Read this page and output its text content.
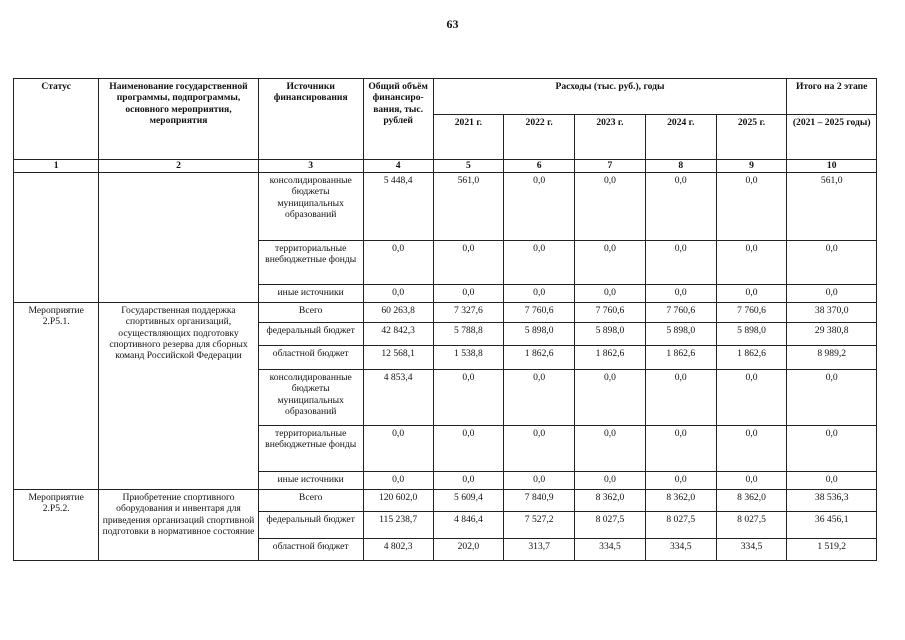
63
Статус	Наименование государственной программы, подпрограммы, основного мероприятия, мероприятия	Источники финансирования	Общий объём финансиро-вания, тыс. рублей	Расходы (тыс. руб.), годы					Итого на 2 этапе
				2021 г.	2022 г.	2023 г.	2024 г.	2025 г.	(2021 – 2025 годы)
1	2	3	4	5	6	7	8	9	10
		консолидированные бюджеты муниципальных образований	5 448,4	561,0	0,0	0,0	0,0	0,0	561,0
		территориальные внебюджетные фонды	0,0	0,0	0,0	0,0	0,0	0,0	0,0
		иные источники	0,0	0,0	0,0	0,0	0,0	0,0	0,0
Мероприятие 2.Р5.1.	Государственная поддержка спортивных организаций, осуществляющих подготовку спортивного резерва для сборных команд Российской Федерации	Всего	60 263,8	7 327,6	7 760,6	7 760,6	7 760,6	7 760,6	38 370,0
		федеральный бюджет	42 842,3	5 788,8	5 898,0	5 898,0	5 898,0	5 898,0	29 380,8
		областной бюджет	12 568,1	1 538,8	1 862,6	1 862,6	1 862,6	1 862,6	8 989,2
		консолидированные бюджеты муниципальных образований	4 853,4	0,0	0,0	0,0	0,0	0,0	0,0
		территориальные внебюджетные фонды	0,0	0,0	0,0	0,0	0,0	0,0	0,0
		иные источники	0,0	0,0	0,0	0,0	0,0	0,0	0,0
Мероприятие 2.Р5.2.	Приобретение спортивного оборудования и инвентаря для приведения организаций спортивной подготовки в нормативное состояние	Всего	120 602,0	5 609,4	7 840,9	8 362,0	8 362,0	8 362,0	38 536,3
		федеральный бюджет	115 238,7	4 846,4	7 527,2	8 027,5	8 027,5	8 027,5	36 456,1
		областной бюджет	4 802,3	202,0	313,7	334,5	334,5	334,5	1 519,2
